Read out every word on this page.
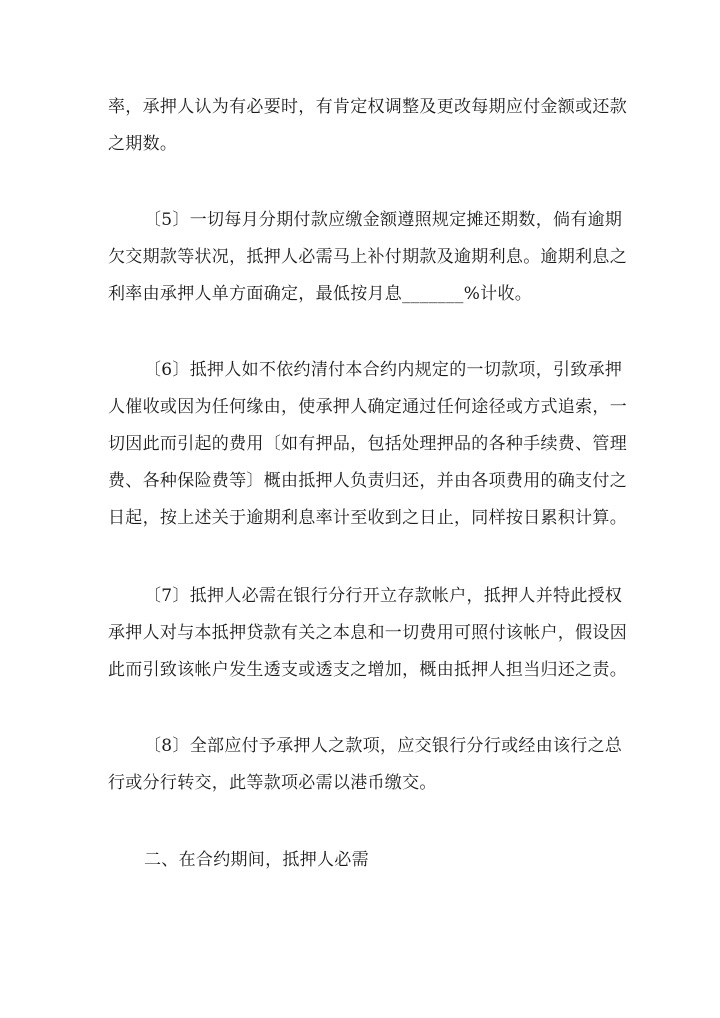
率，承押人认为有必要时，有肯定权调整及更改每期应付金额或还款
之期数。
〔5〕一切每月分期付款应缴金额遵照规定摊还期数，倘有逾期
欠交期款等状况，抵押人必需马上补付期款及逾期利息。逾期利息之
利率由承押人单方面确定，最低按月息_______%计收。
〔6〕抵押人如不依约清付本合约内规定的一切款项，引致承押
人催收或因为任何缘由，使承押人确定通过任何途径或方式追索，一
切因此而引起的费用〔如有押品，包括处理押品的各种手续费、管理
费、各种保险费等〕概由抵押人负责归还，并由各项费用的确支付之
日起，按上述关于逾期利息率计至收到之日止，同样按日累积计算。
〔7〕抵押人必需在银行分行开立存款帐户，抵押人并特此授权
承押人对与本抵押贷款有关之本息和一切费用可照付该帐户，假设因
此而引致该帐户发生透支或透支之增加，概由抵押人担当归还之责。
〔8〕全部应付予承押人之款项，应交银行分行或经由该行之总
行或分行转交，此等款项必需以港币缴交。
二、在合约期间，抵押人必需
